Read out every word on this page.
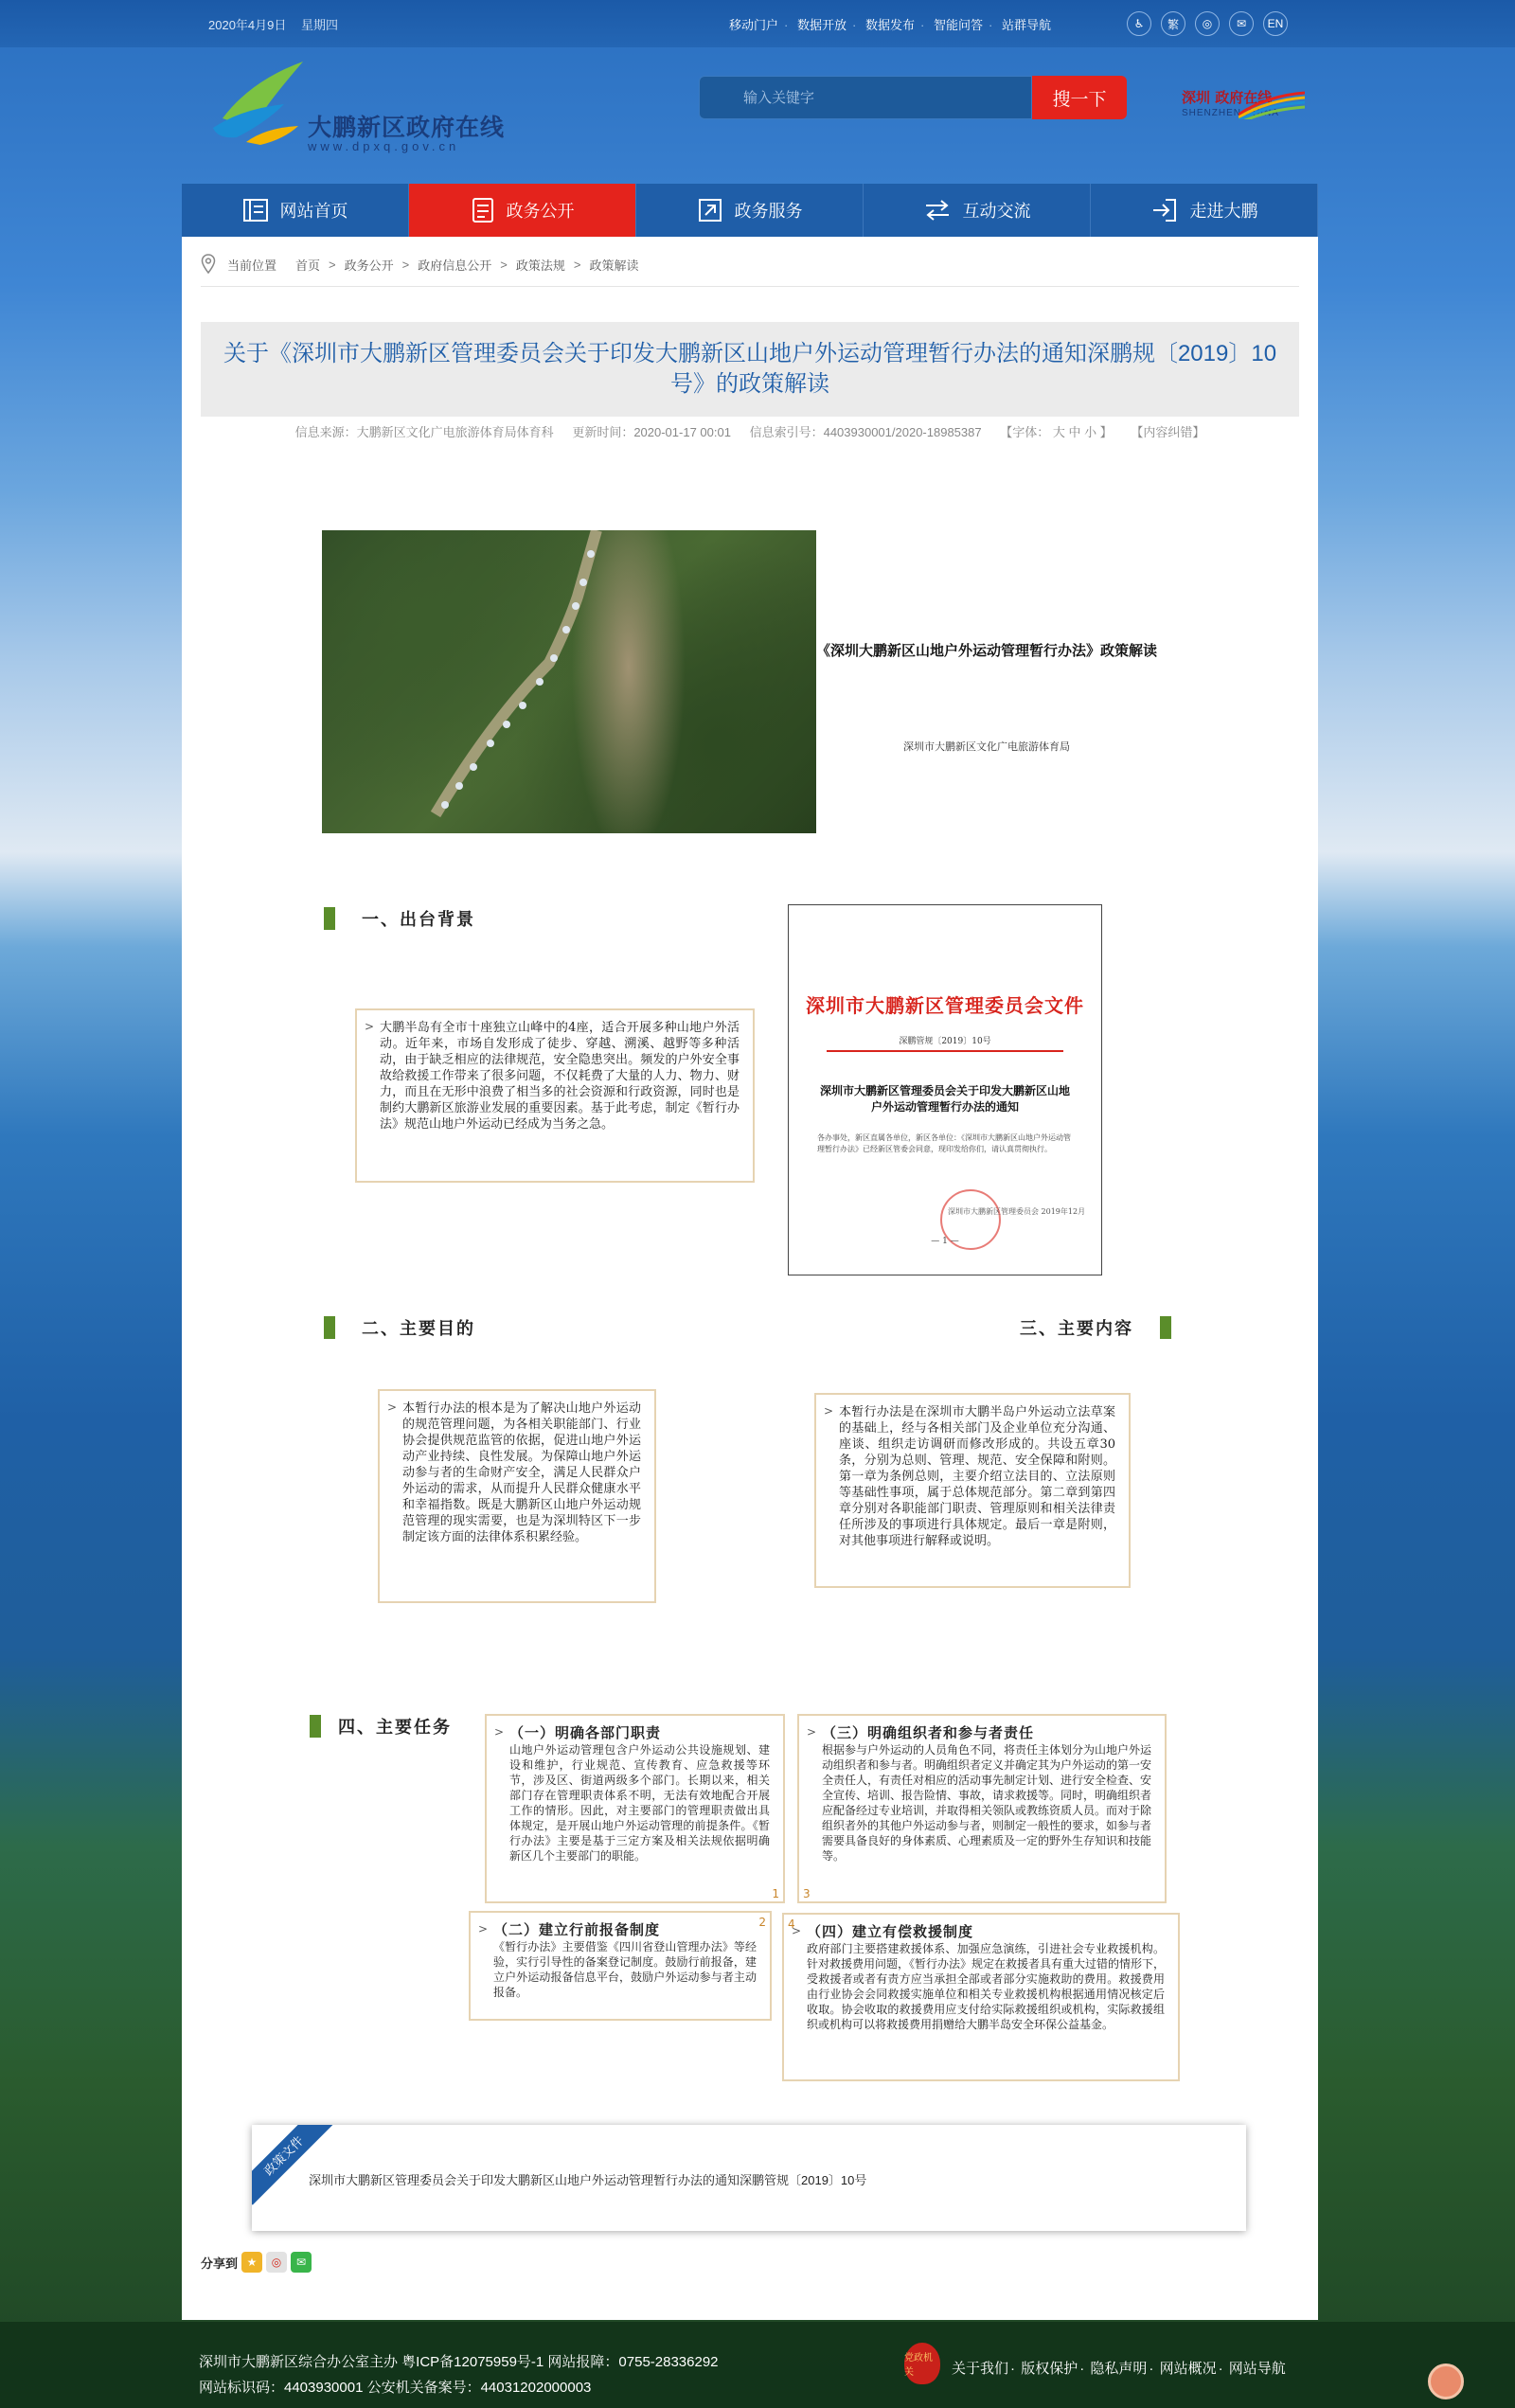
2020年4月9日 星期四	移动门户 · 数据开放 · 数据发布 · 智能问答 · 站群导航	♿	繁	◎	✉	EN
大鹏新区政府在线
www.dpxq.gov.cn
输入关键字
搜一下	深圳 政府在线
SHENZHEN CHINA
网站首页	政务公开	政务服务	互动交流	走进大鹏
当前位置 首页 > 政务公开 > 政府信息公开 > 政策法规 > 政策解读
关于《深圳市大鹏新区管理委员会关于印发大鹏新区山地户外运动管理暂行办法的通知深鹏规〔2019〕10号》的政策解读
信息来源：大鹏新区文化广电旅游体育局体育科 更新时间：2020-01-17 00:01 信息索引号：4403930001/2020-18985387 【字体： 大 中 小 】 【内容纠错】
《深圳大鹏新区山地户外运动管理暂行办法》政策解读
深圳市大鹏新区文化广电旅游体育局
一、出台背景
> 大鹏半岛有全市十座独立山峰中的4座，适合开展多种山地户外活动。近年来，市场自发形成了徒步、穿越、溯溪、越野等多种活动，由于缺乏相应的法律规范，安全隐患突出。频发的户外安全事故给救援工作带来了很多问题，不仅耗费了大量的人力、物力、财力，而且在无形中浪费了相当多的社会资源和行政资源，同时也是制约大鹏新区旅游业发展的重要因素。基于此考虑，制定《暂行办法》规范山地户外运动已经成为当务之急。
深圳市大鹏新区管理委员会文件
深鹏管规〔2019〕10号
深圳市大鹏新区管理委员会关于印发大鹏新区山地户外运动管理暂行办法的通知
各办事处，新区直属各单位，新区各单位：《深圳市大鹏新区山地户外运动管理暂行办法》已经新区管委会同意，现印发给你们，请认真贯彻执行。
深圳市大鹏新区管理委员会 2019年12月
— 1 —
二、主要目的	三、主要内容
> 本暂行办法的根本是为了解决山地户外运动的规范管理问题，为各相关职能部门、行业协会提供规范监管的依据，促进山地户外运动产业持续、良性发展。为保障山地户外运动参与者的生命财产安全，满足人民群众户外运动的需求，从而提升人民群众健康水平和幸福指数。既是大鹏新区山地户外运动规范管理的现实需要，也是为深圳特区下一步制定该方面的法律体系积累经验。
> 本暂行办法是在深圳市大鹏半岛户外运动立法草案的基础上，经与各相关部门及企业单位充分沟通、座谈、组织走访调研而修改形成的。共设五章30条，分别为总则、管理、规范、安全保障和附则。第一章为条例总则，主要介绍立法目的、立法原则等基础性事项，属于总体规范部分。第二章到第四章分别对各职能部门职责、管理原则和相关法律责任所涉及的事项进行具体规定。最后一章是附则，对其他事项进行解释或说明。
四、主要任务	> （一）明确各部门职责
山地户外运动管理包含户外运动公共设施规划、建设和维护，行业规范、宣传教育、应急救援等环节，涉及区、街道两级多个部门。长期以来，相关部门存在管理职责体系不明，无法有效地配合开展工作的情形。因此，对主要部门的管理职责做出具体规定，是开展山地户外运动管理的前提条件。《暂行办法》主要是基于三定方案及相关法规依据明确新区几个主要部门的职能。
1
> （三）明确组织者和参与者责任
根据参与户外运动的人员角色不同，将责任主体划分为山地户外运动组织者和参与者。明确组织者定义并确定其为户外运动的第一安全责任人，有责任对相应的活动事先制定计划、进行安全检查、安全宣传、培训、报告险情、事故，请求救援等。同时，明确组织者应配备经过专业培训，并取得相关领队或教练资质人员。而对于除组织者外的其他户外运动参与者，则制定一般性的要求，如参与者需要具备良好的身体素质、心理素质及一定的野外生存知识和技能等。
3
> （二）建立行前报备制度
《暂行办法》主要借鉴《四川省登山管理办法》等经验，实行引导性的备案登记制度。鼓励行前报备，建立户外运动报备信息平台，鼓励户外运动参与者主动报备。
2
> （四）建立有偿救援制度
政府部门主要搭建救援体系、加强应急演练，引进社会专业救援机构。针对救援费用问题，《暂行办法》规定在救援者具有重大过错的情形下，受救援者或者有责方应当承担全部或者部分实施救助的费用。救援费用由行业协会会同救援实施单位和相关专业救援机构根据通用情况核定后收取。协会收取的救援费用应支付给实际救援组织或机构，实际救援组织或机构可以将救援费用捐赠给大鹏半岛安全环保公益基金。
4
政策文件
深圳市大鹏新区管理委员会关于印发大鹏新区山地户外运动管理暂行办法的通知深鹏管规〔2019〕10号
分享到 ★	◎	✉
深圳市大鹏新区综合办公室主办 粤ICP备12075959号-1 网站报障：0755-28336292
网站标识码：4403930001 公安机关备案号：44031202000003
党政机关	关于我们 · 版权保护 · 隐私声明 · 网站概况 · 网站导航
